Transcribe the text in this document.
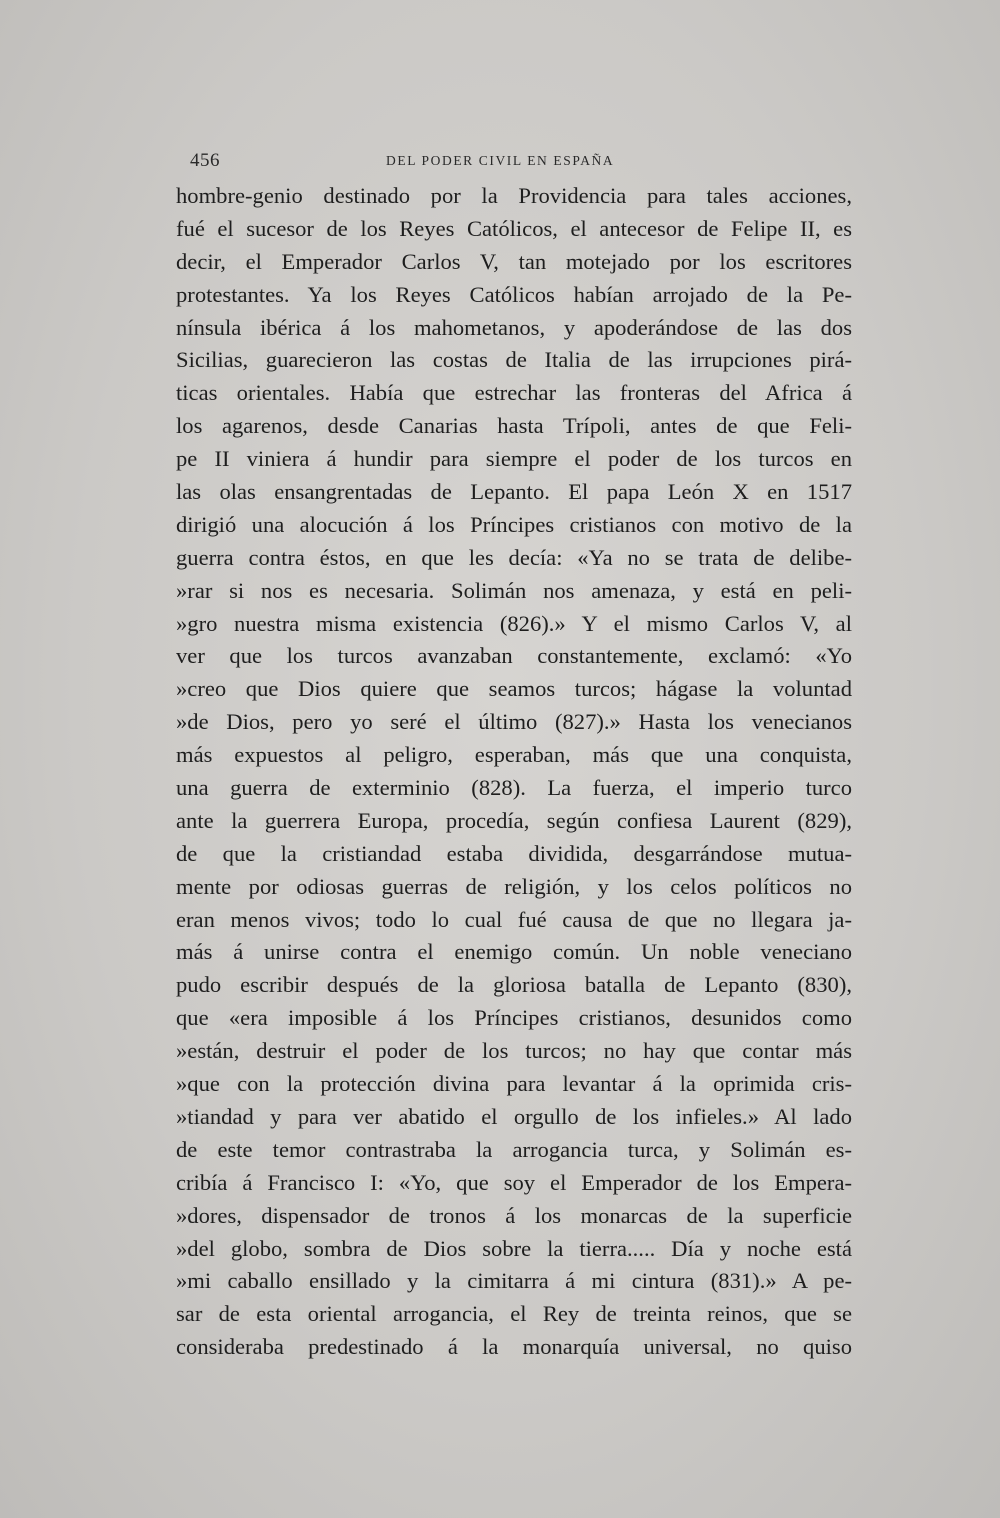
456	DEL PODER CIVIL EN ESPAÑA
hombre-genio destinado por la Providencia para tales acciones,
fué el sucesor de los Reyes Católicos, el antecesor de Felipe II, es
decir, el Emperador Carlos V, tan motejado por los escritores
protestantes. Ya los Reyes Católicos habían arrojado de la Pe-
nínsula ibérica á los mahometanos, y apoderándose de las dos
Sicilias, guarecieron las costas de Italia de las irrupciones pirá-
ticas orientales. Había que estrechar las fronteras del Africa á
los agarenos, desde Canarias hasta Trípoli, antes de que Feli-
pe II viniera á hundir para siempre el poder de los turcos en
las olas ensangrentadas de Lepanto. El papa León X en 1517
dirigió una alocución á los Príncipes cristianos con motivo de la
guerra contra éstos, en que les decía: «Ya no se trata de delibe-
»rar si nos es necesaria. Solimán nos amenaza, y está en peli-
»gro nuestra misma existencia (826).» Y el mismo Carlos V, al
ver que los turcos avanzaban constantemente, exclamó: «Yo
»creo que Dios quiere que seamos turcos; hágase la voluntad
»de Dios, pero yo seré el último (827).» Hasta los venecianos
más expuestos al peligro, esperaban, más que una conquista,
una guerra de exterminio (828). La fuerza, el imperio turco
ante la guerrera Europa, procedía, según confiesa Laurent (829),
de que la cristiandad estaba dividida, desgarrándose mutua-
mente por odiosas guerras de religión, y los celos políticos no
eran menos vivos; todo lo cual fué causa de que no llegara ja-
más á unirse contra el enemigo común. Un noble veneciano
pudo escribir después de la gloriosa batalla de Lepanto (830),
que «era imposible á los Príncipes cristianos, desunidos como
»están, destruir el poder de los turcos; no hay que contar más
»que con la protección divina para levantar á la oprimida cris-
»tiandad y para ver abatido el orgullo de los infieles.» Al lado
de este temor contrastraba la arrogancia turca, y Solimán es-
cribía á Francisco I: «Yo, que soy el Emperador de los Empera-
»dores, dispensador de tronos á los monarcas de la superficie
»del globo, sombra de Dios sobre la tierra..... Día y noche está
»mi caballo ensillado y la cimitarra á mi cintura (831).» A pe-
sar de esta oriental arrogancia, el Rey de treinta reinos, que se
consideraba predestinado á la monarquía universal, no quiso
